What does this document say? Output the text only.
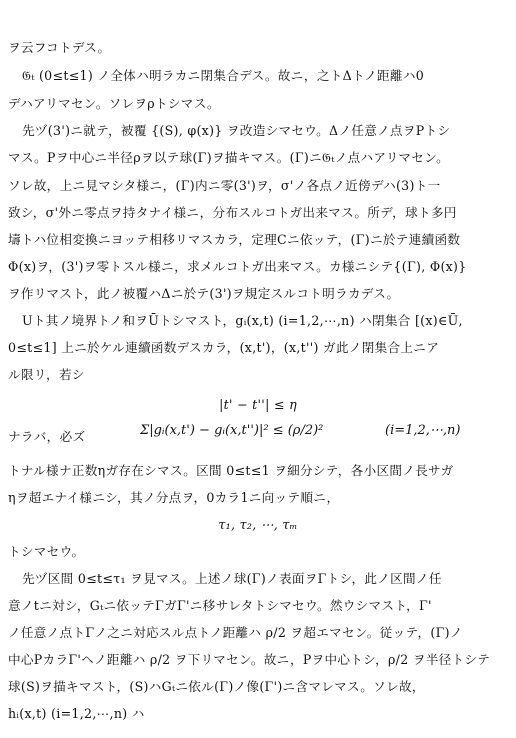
ヲ云フコトデス。
𝔊ₜ (0≤t≤1) ノ全体ハ明ラカニ閉集合デス。故ニ，之トΔトノ距離ハ0
デハアリマセン。ソレヲρトシマス。
先ヅ(3')ニ就テ，被覆 {(S), φ(x)} ヲ改造シマセウ。Δノ任意ノ点ヲPトシ
マス。Pヲ中心ニ半径ρヲ以テ球(Γ)ヲ描キマス。(Γ)ニ𝔊ₜノ点ハアリマセン。
ソレ故，上ニ見マシタ様ニ，(Γ)内ニ零(3')ヲ，σ'ノ各点ノ近傍デハ(3)ト一
致シ，σ'外ニ零点ヲ持タナイ様ニ，分布スルコトガ出来マス。所デ，球ト多円
壔トハ位相変換ニヨッテ相移リマスカラ，定理Cニ依ッテ，(Γ)ニ於テ連續函数
Φ(x)ヲ，(3')ヲ零トスル様ニ，求メルコトガ出来マス。カ様ニシテ{(Γ), Φ(x)}
ヲ作リマスト，此ノ被覆ハΔニ於テ(3')ヲ規定スルコト明ラカデス。
U̅ト其ノ境界トノ和ヲŪトシマスト，gᵢ(x,t) (i=1,2,⋯,n) ハ閉集合 [(x)∈Ū,
0≤t≤1] 上ニ於ケル連續函数デスカラ，(x,t')，(x,t'') ガ此ノ閉集合上ニア
ル限リ，若シ
|t' − t''| ≤ η
ナラバ，必ズ	Σ|gᵢ(x,t') − gᵢ(x,t'')|² ≤ (ρ/2)²	(i=1,2,⋯,n)
トナル様ナ正数ηガ存在シマス。区間 0≤t≤1 ヲ細分シテ，各小区間ノ長サガ
ηヲ超エナイ様ニシ，其ノ分点ヲ，0カラ1ニ向ッテ順ニ，
τ₁, τ₂, ⋯, τₘ
トシマセウ。
先ヅ区間 0≤t≤τ₁ ヲ見マス。上述ノ球(Γ)ノ表面ヲΓトシ，此ノ区間ノ任
意ノtニ対シ，Gₜニ依ッテΓガΓ'ニ移サレタトシマセウ。然ウシマスト，Γ'
ノ任意ノ点トΓノ之ニ対応スル点トノ距離ハ ρ/2 ヲ超エマセン。従ッテ，(Γ)ノ
中心PカラΓ'ヘノ距離ハ ρ/2 ヲ下リマセン。故ニ，Pヲ中心トシ，ρ/2 ヲ半径トシテ
球(S)ヲ描キマスト，(S)ハGₜニ依ル(Γ)ノ像(Γ')ニ含マレマス。ソレ故，
hᵢ(x,t) (i=1,2,⋯,n) ハ
